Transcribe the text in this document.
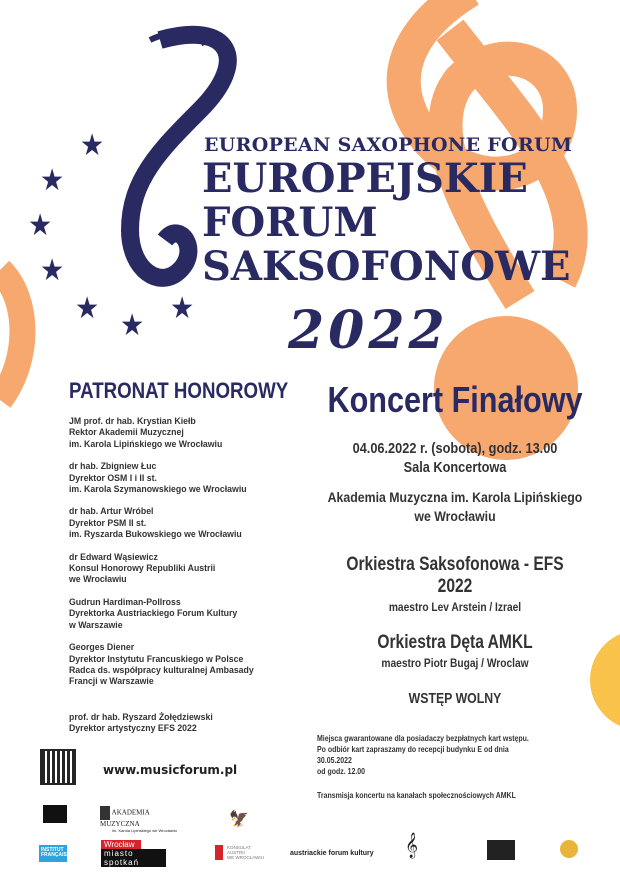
★
★
★
★
★ ★ ★
EUROPEAN SAXOPHONE FORUM
EUROPEJSKIE
FORUM
SAKSOFONOWE
2022
PATRONAT HONOROWY

JM prof. dr hab. Krystian Kiełb
Rektor Akademii Muzycznej
im. Karola Lipińskiego we Wrocławiu

dr hab. Zbigniew Łuc
Dyrektor OSM I i II st.
im. Karola Szymanowskiego we Wrocławiu

dr hab. Artur Wróbel
Dyrektor PSM II st.
im. Ryszarda Bukowskiego we Wrocławiu

dr Edward Wąsiewicz
Konsul Honorowy Republiki Austrii
we Wrocławiu

Gudrun Hardiman-Pollross
Dyrektorka Austriackiego Forum Kultury
w Warszawie

Georges Diener
Dyrektor Instytutu Francuskiego w Polsce
Radca ds. współpracy kulturalnej Ambasady
Francji w Warszawie

prof. dr hab. Ryszard Żołędziewski
Dyrektor artystyczny EFS 2022

Koncert Finałowy
04.06.2022 r. (sobota), godz. 13.00
Sala Koncertowa
Akademia Muzyczna im. Karola Lipińskiego we Wrocławiu
Orkiestra Saksofonowa - EFS 2022
maestro Lev Arstein / Izrael
Orkiestra Dęta AMKL
maestro Piotr Bugaj / Wroclaw
WSTĘP WOLNY
Miejsca gwarantowane dla posiadaczy bezpłatnych kart wstępu.
Po odbiór kart zapraszamy do recepcji budynku E od dnia 30.05.2022
od godz. 12.00
Transmisja koncertu na kanałach społecznościowych AMKL
www.musicforum.pl
AKADEMIA MUZYCZNA
im. Karola Lipińskiego we Wrocławiu
🦅
INSTITUT FRANÇAIS
Wrocław
miasto spotkań
KONSULAT
AUSTRII
WE WROCŁAWIU
austriackie forum kultury 𝄞
